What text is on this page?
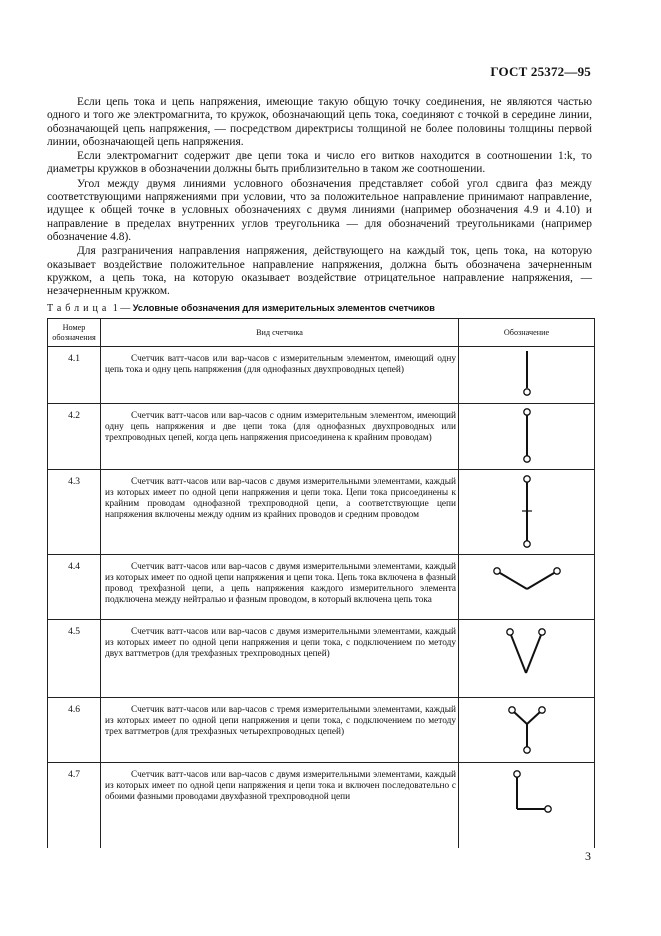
ГОСТ 25372—95

Если цепь тока и цепь напряжения, имеющие такую общую точку соединения, не являются частью одного и того же электромагнита, то кружок, обозначающий цепь тока, соединяют с точкой в середине линии, обозначающей цепь напряжения, — посредством директрисы толщиной не более половины толщины первой линии, обозначающей цепь напряжения.

Если электромагнит содержит две цепи тока и число его витков находится в соотношении 1:k, то диаметры кружков в обозначении должны быть приблизительно в таком же соотношении.

Угол между двумя линиями условного обозначения представляет собой угол сдвига фаз между соответствующими напряжениями при условии, что за положительное направление принимают направление, идущее к общей точке в условных обозначениях с двумя линиями (например обозначения 4.9 и 4.10) и направление в пределах внутренних углов треугольника — для обозначений треугольниками (например обозначение 4.8).

Для разграничения направления напряжения, действующего на каждый ток, цепь тока, на которую оказывает воздействие положительное направление напряжения, должна быть обозначена зачерненным кружком, а цепь тока, на которую оказывает воздействие отрицательное направление напряжения, — незачерненным кружком.

Таблица 1 — Условные обозначения для измерительных элементов счетчиков
Номер обозначения	Вид счетчика	Обозначение
4.1	Счетчик ватт-часов или вар-часов с измерительным элементом, имеющий одну цепь тока и одну цепь напряжения (для однофазных двухпроводных цепей)

4.2	Счетчик ватт-часов или вар-часов с одним измерительным элементом, имеющий одну цепь напряжения и две цепи тока (для однофазных двухпроводных или трехпроводных цепей, когда цепь напряжения присоединена к крайним проводам)

4.3	Счетчик ватт-часов или вар-часов с двумя измерительными элементами, каждый из которых имеет по одной цепи напряжения и цепи тока. Цепи тока присоединены к крайним проводам однофазной трехпроводной цепи, а соответствующие цепи напряжения включены между одним из крайних проводов и средним проводом

4.4	Счетчик ватт-часов или вар-часов с двумя измерительными элементами, каждый из которых имеет по одной цепи напряжения и цепи тока. Цепь тока включена в фазный провод трехфазной цепи, а цепь напряжения каждого измерительного элемента подключена между нейтралью и фазным проводом, в который включена цепь тока

4.5	Счетчик ватт-часов или вар-часов с двумя измерительными элементами, каждый из которых имеет по одной цепи напряжения и цепи тока, с подключением по методу двух ваттметров (для трехфазных трехпроводных цепей)

4.6	Счетчик ватт-часов или вар-часов с тремя измерительными элементами, каждый из которых имеет по одной цепи напряжения и цепи тока, с подключением по методу трех ваттметров (для трехфазных четырехпроводных цепей)

4.7	Счетчик ватт-часов или вар-часов с двумя измерительными элементами, каждый из которых имеет по одной цепи напряжения и цепи тока и включен последовательно с обоими фазными проводами двухфазной трехпроводной цепи

3
